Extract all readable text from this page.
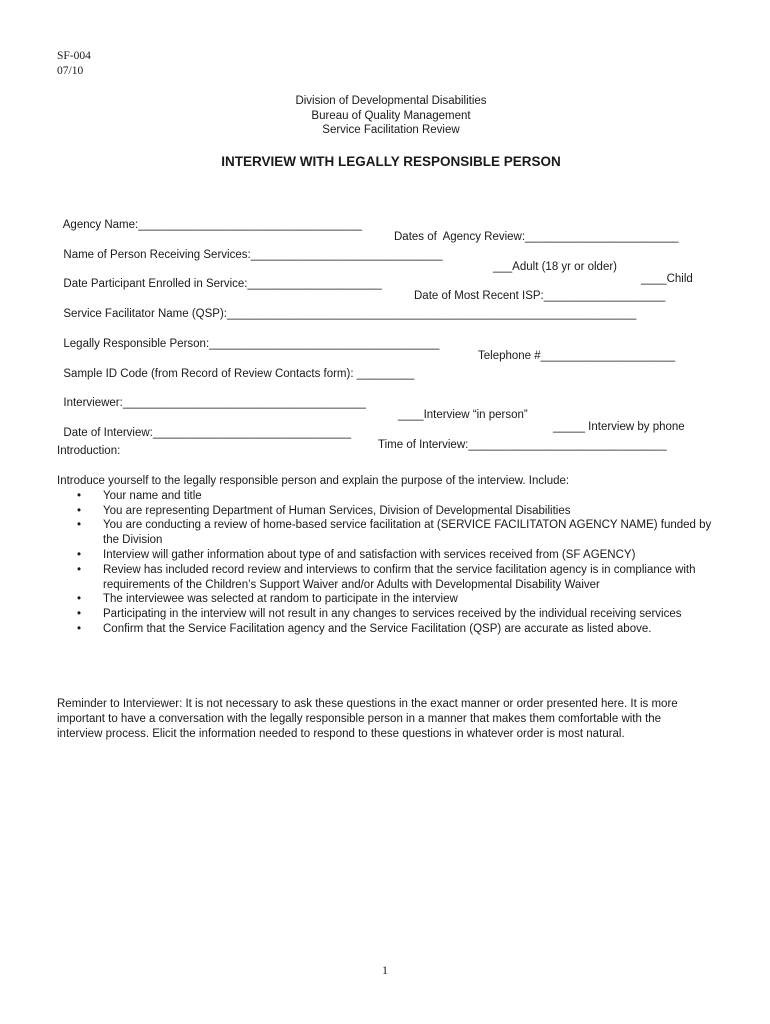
SF-004
07/10
Division of Developmental Disabilities
Bureau of Quality Management
Service Facilitation Review
INTERVIEW WITH LEGALLY RESPONSIBLE PERSON

Agency Name:___________________________________

Dates of  Agency Review:________________________

Name of Person Receiving Services:______________________________

___Adult (18 yr or older)

____Child

Date Participant Enrolled in Service:_____________________

Date of Most Recent ISP:___________________

Service Facilitator Name (QSP):________________________________________________________________

Legally Responsible Person:____________________________________

Telephone #_____________________

Sample ID Code (from Record of Review Contacts form): _________

Interviewer:______________________________________

____Interview “in person”

_____ Interview by phone

Date of Interview:_______________________________

Time of Interview:_______________________________

Introduction:
Introduce yourself to the legally responsible person and explain the purpose of the interview. Include:
• Your name and title
• You are representing Department of Human Services, Division of Developmental Disabilities
• You are conducting a review of home-based service facilitation at (SERVICE FACILITATON AGENCY NAME) funded by the Division
• Interview will gather information about type of and satisfaction with services received from (SF AGENCY)
• Review has included record review and interviews to confirm that the service facilitation agency is in compliance with requirements of the Children’s Support Waiver and/or Adults with Developmental Disability Waiver
• The interviewee was selected at random to participate in the interview
• Participating in the interview will not result in any changes to services received by the individual receiving services
• Confirm that the Service Facilitation agency and the Service Facilitation (QSP) are accurate as listed above.
Reminder to Interviewer: It is not necessary to ask these questions in the exact manner or order presented here. It is more important to have a conversation with the legally responsible person in a manner that makes them comfortable with the interview process. Elicit the information needed to respond to these questions in whatever order is most natural.
1
